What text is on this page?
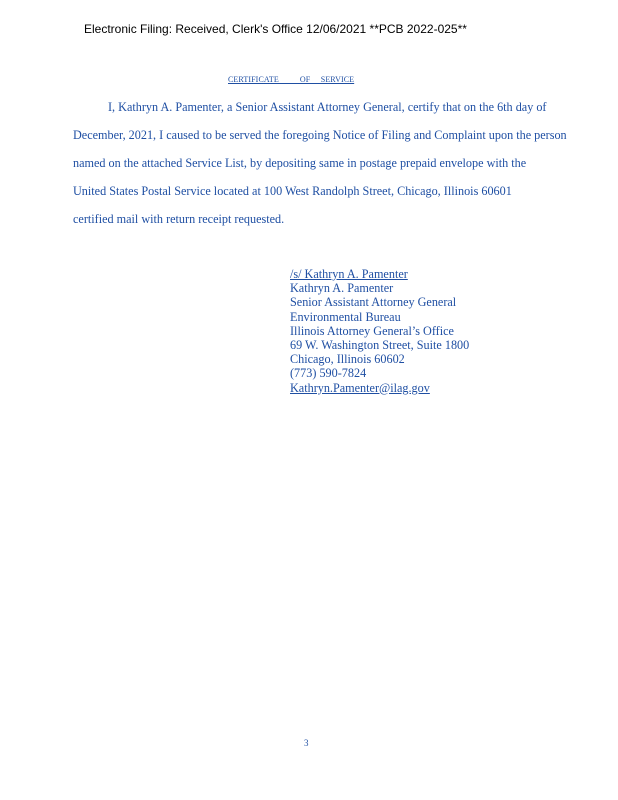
Electronic Filing: Received, Clerk's Office 12/06/2021 **PCB 2022-025**
CERTIFICATE          OF     SERVICE
I, Kathryn A. Pamenter, a Senior Assistant Attorney General, certify that on the 6th day of
December, 2021, I caused to be served the foregoing Notice of Filing and Complaint upon the person
named on the attached Service List, by depositing same in postage prepaid envelope with the
United States Postal Service located at 100 West Randolph Street, Chicago, Illinois 60601
certified mail with return receipt requested.
/s/ Kathryn A. Pamenter
Kathryn A. Pamenter
Senior Assistant Attorney General
Environmental Bureau
Illinois Attorney General’s Office
69 W. Washington Street, Suite 1800
Chicago, Illinois 60602
(773) 590-7824
Kathryn.Pamenter@ilag.gov
3
